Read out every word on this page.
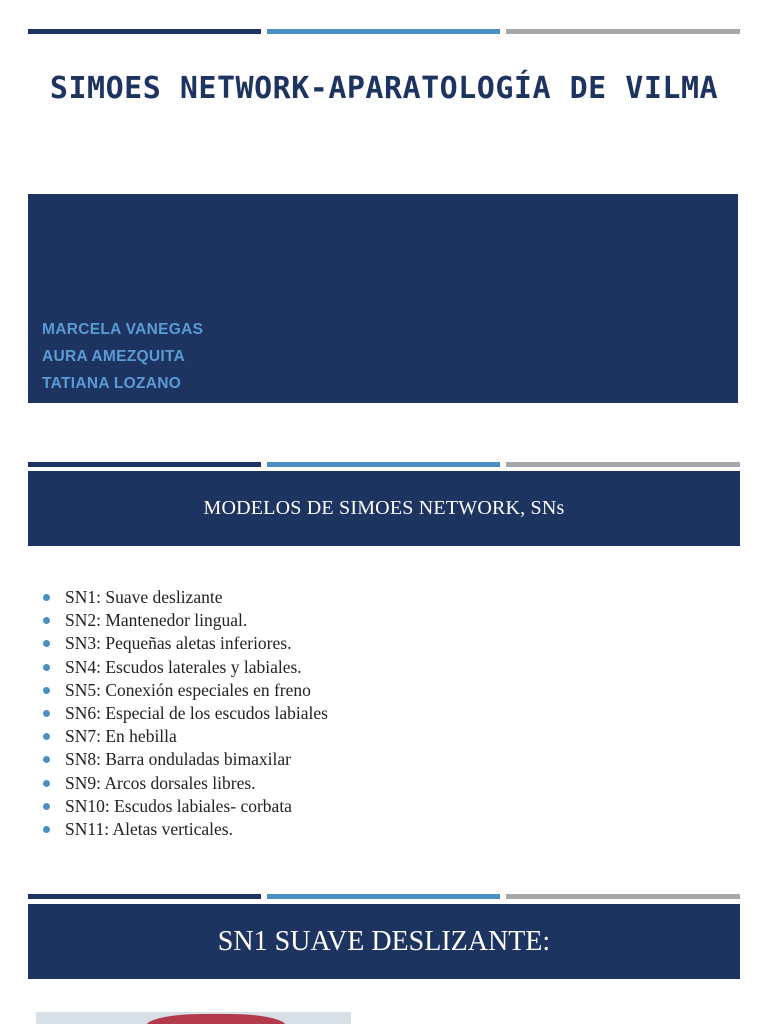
SIMOES NETWORK-APARATOLOGÍA DE VILMA
MARCELA VANEGAS
AURA AMEZQUITA
TATIANA LOZANO
MODELOS DE SIMOES NETWORK, SNs
SN1: Suave deslizante
SN2: Mantenedor lingual.
SN3: Pequeñas aletas inferiores.
SN4: Escudos laterales y labiales.
SN5: Conexión especiales en freno
SN6: Especial de los escudos labiales
SN7: En hebilla
SN8: Barra onduladas bimaxilar
SN9: Arcos dorsales libres.
SN10: Escudos labiales- corbata
SN11: Aletas verticales.
SN1 SUAVE DESLIZANTE:
